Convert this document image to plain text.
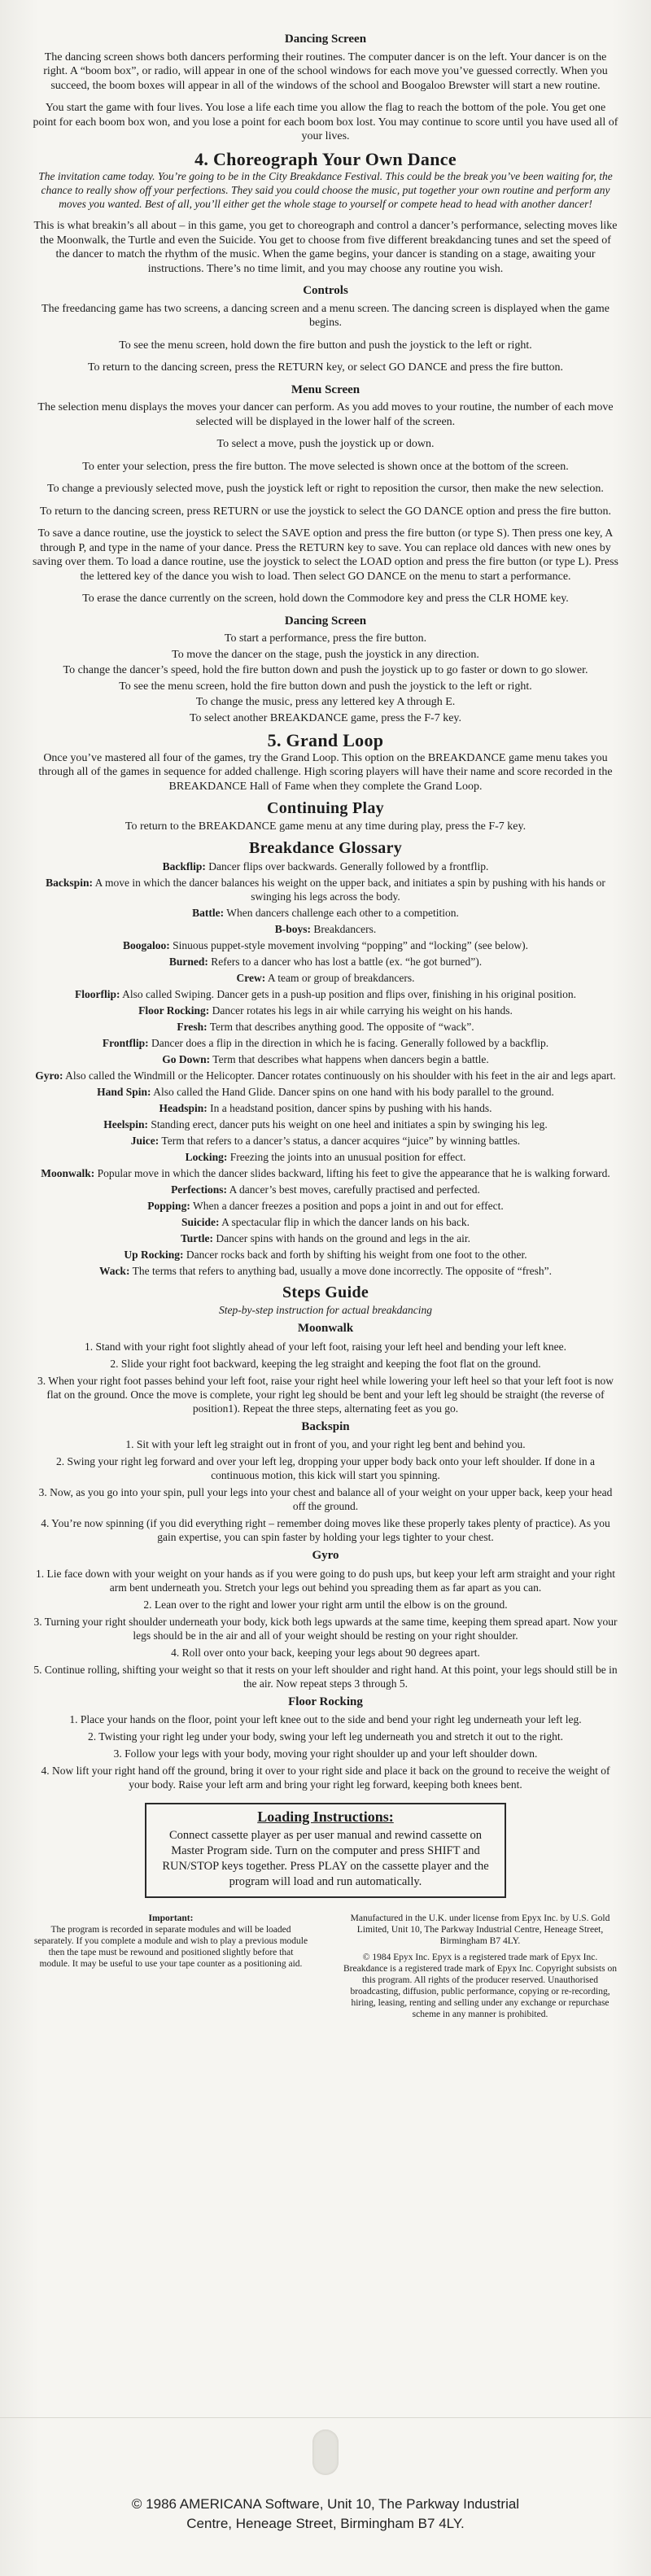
Dancing Screen

The dancing screen shows both dancers performing their routines. The computer dancer is on the left. Your dancer is on the right. A “boom box”, or radio, will appear in one of the school windows for each move you’ve guessed correctly. When you succeed, the boom boxes will appear in all of the windows of the school and Boogaloo Brewster will start a new routine.

You start the game with four lives. You lose a life each time you allow the flag to reach the bottom of the pole. You get one point for each boom box won, and you lose a point for each boom box lost. You may continue to score until you have used all of your lives.

4. Choreograph Your Own Dance

The invitation came today. You’re going to be in the City Breakdance Festival. This could be the break you’ve been waiting for, the chance to really show off your perfections. They said you could choose the music, put together your own routine and perform any moves you wanted. Best of all, you’ll either get the whole stage to yourself or compete head to head with another dancer!

This is what breakin’s all about – in this game, you get to choreograph and control a dancer’s performance, selecting moves like the Moonwalk, the Turtle and even the Suicide. You get to choose from five different breakdancing tunes and set the speed of the dancer to match the rhythm of the music. When the game begins, your dancer is standing on a stage, awaiting your instructions. There’s no time limit, and you may choose any routine you wish.

Controls

The freedancing game has two screens, a dancing screen and a menu screen. The dancing screen is displayed when the game begins.

To see the menu screen, hold down the fire button and push the joystick to the left or right.

To return to the dancing screen, press the RETURN key, or select GO DANCE and press the fire button.

Menu Screen

The selection menu displays the moves your dancer can perform. As you add moves to your routine, the number of each move selected will be displayed in the lower half of the screen.

To select a move, push the joystick up or down.

To enter your selection, press the fire button. The move selected is shown once at the bottom of the screen.

To change a previously selected move, push the joystick left or right to reposition the cursor, then make the new selection.

To return to the dancing screen, press RETURN or use the joystick to select the GO DANCE option and press the fire button.

To save a dance routine, use the joystick to select the SAVE option and press the fire button (or type S). Then press one key, A through P, and type in the name of your dance. Press the RETURN key to save. You can replace old dances with new ones by saving over them. To load a dance routine, use the joystick to select the LOAD option and press the fire button (or type L). Press the lettered key of the dance you wish to load. Then select GO DANCE on the menu to start a performance.

To erase the dance currently on the screen, hold down the Commodore key and press the CLR HOME key.

Dancing Screen

To start a performance, press the fire button.

To move the dancer on the stage, push the joystick in any direction.

To change the dancer’s speed, hold the fire button down and push the joystick up to go faster or down to go slower.

To see the menu screen, hold the fire button down and push the joystick to the left or right.

To change the music, press any lettered key A through E.

To select another BREAKDANCE game, press the F-7 key.

5. Grand Loop

Once you’ve mastered all four of the games, try the Grand Loop. This option on the BREAKDANCE game menu takes you through all of the games in sequence for added challenge. High scoring players will have their name and score recorded in the BREAKDANCE Hall of Fame when they complete the Grand Loop.

Continuing Play

To return to the BREAKDANCE game menu at any time during play, press the F-7 key.

Breakdance Glossary

Backflip: Dancer flips over backwards. Generally followed by a frontflip.

Backspin: A move in which the dancer balances his weight on the upper back, and initiates a spin by pushing with his hands or swinging his legs across the body.

Battle: When dancers challenge each other to a competition.

B-boys: Breakdancers.

Boogaloo: Sinuous puppet-style movement involving “popping” and “locking” (see below).

Burned: Refers to a dancer who has lost a battle (ex. “he got burned”).

Crew: A team or group of breakdancers.

Floorflip: Also called Swiping. Dancer gets in a push-up position and flips over, finishing in his original position.

Floor Rocking: Dancer rotates his legs in air while carrying his weight on his hands.

Fresh: Term that describes anything good. The opposite of “wack”.

Frontflip: Dancer does a flip in the direction in which he is facing. Generally followed by a backflip.

Go Down: Term that describes what happens when dancers begin a battle.

Gyro: Also called the Windmill or the Helicopter. Dancer rotates continuously on his shoulder with his feet in the air and legs apart.

Hand Spin: Also called the Hand Glide. Dancer spins on one hand with his body parallel to the ground.

Headspin: In a headstand position, dancer spins by pushing with his hands.

Heelspin: Standing erect, dancer puts his weight on one heel and initiates a spin by swinging his leg.

Juice: Term that refers to a dancer’s status, a dancer acquires “juice” by winning battles.

Locking: Freezing the joints into an unusual position for effect.

Moonwalk: Popular move in which the dancer slides backward, lifting his feet to give the appearance that he is walking forward.

Perfections: A dancer’s best moves, carefully practised and perfected.

Popping: When a dancer freezes a position and pops a joint in and out for effect.

Suicide: A spectacular flip in which the dancer lands on his back.

Turtle: Dancer spins with hands on the ground and legs in the air.

Up Rocking: Dancer rocks back and forth by shifting his weight from one foot to the other.

Wack: The terms that refers to anything bad, usually a move done incorrectly. The opposite of “fresh”.

Steps Guide

Step-by-step instruction for actual breakdancing

Moonwalk

1. Stand with your right foot slightly ahead of your left foot, raising your left heel and bending your left knee.

2. Slide your right foot backward, keeping the leg straight and keeping the foot flat on the ground.

3. When your right foot passes behind your left foot, raise your right heel while lowering your left heel so that your left foot is now flat on the ground. Once the move is complete, your right leg should be bent and your left leg should be straight (the reverse of position1). Repeat the three steps, alternating feet as you go.

Backspin

1. Sit with your left leg straight out in front of you, and your right leg bent and behind you.

2. Swing your right leg forward and over your left leg, dropping your upper body back onto your left shoulder. If done in a continuous motion, this kick will start you spinning.

3. Now, as you go into your spin, pull your legs into your chest and balance all of your weight on your upper back, keep your head off the ground.

4. You’re now spinning (if you did everything right – remember doing moves like these properly takes plenty of practice). As you gain expertise, you can spin faster by holding your legs tighter to your chest.

Gyro

1. Lie face down with your weight on your hands as if you were going to do push ups, but keep your left arm straight and your right arm bent underneath you. Stretch your legs out behind you spreading them as far apart as you can.

2. Lean over to the right and lower your right arm until the elbow is on the ground.

3. Turning your right shoulder underneath your body, kick both legs upwards at the same time, keeping them spread apart. Now your legs should be in the air and all of your weight should be resting on your right shoulder.

4. Roll over onto your back, keeping your legs about 90 degrees apart.

5. Continue rolling, shifting your weight so that it rests on your left shoulder and right hand. At this point, your legs should still be in the air. Now repeat steps 3 through 5.

Floor Rocking

1. Place your hands on the floor, point your left knee out to the side and bend your right leg underneath your left leg.

2. Twisting your right leg under your body, swing your left leg underneath you and stretch it out to the right.

3. Follow your legs with your body, moving your right shoulder up and your left shoulder down.

4. Now lift your right hand off the ground, bring it over to your right side and place it back on the ground to receive the weight of your body. Raise your left arm and bring your right leg forward, keeping both knees bent.

Loading Instructions:
Connect cassette player as per user manual and rewind cassette on Master Program side. Turn on the computer and press SHIFT and RUN/STOP keys together. Press PLAY on the cassette player and the program will load and run automatically.
Important:

The program is recorded in separate modules and will be loaded separately. If you complete a module and wish to play a previous module then the tape must be rewound and positioned slightly before that module. It may be useful to use your tape counter as a positioning aid.

Manufactured in the U.K. under license from Epyx Inc. by U.S. Gold Limited, Unit 10, The Parkway Industrial Centre, Heneage Street, Birmingham B7 4LY.

© 1984 Epyx Inc. Epyx is a registered trade mark of Epyx Inc. Breakdance is a registered trade mark of Epyx Inc. Copyright subsists on this program. All rights of the producer reserved. Unauthorised broadcasting, diffusion, public performance, copying or re-recording, hiring, leasing, renting and selling under any exchange or repurchase scheme in any manner is prohibited.

© 1986 AMERICANA Software, Unit 10, The Parkway Industrial
Centre, Heneage Street, Birmingham B7 4LY.
